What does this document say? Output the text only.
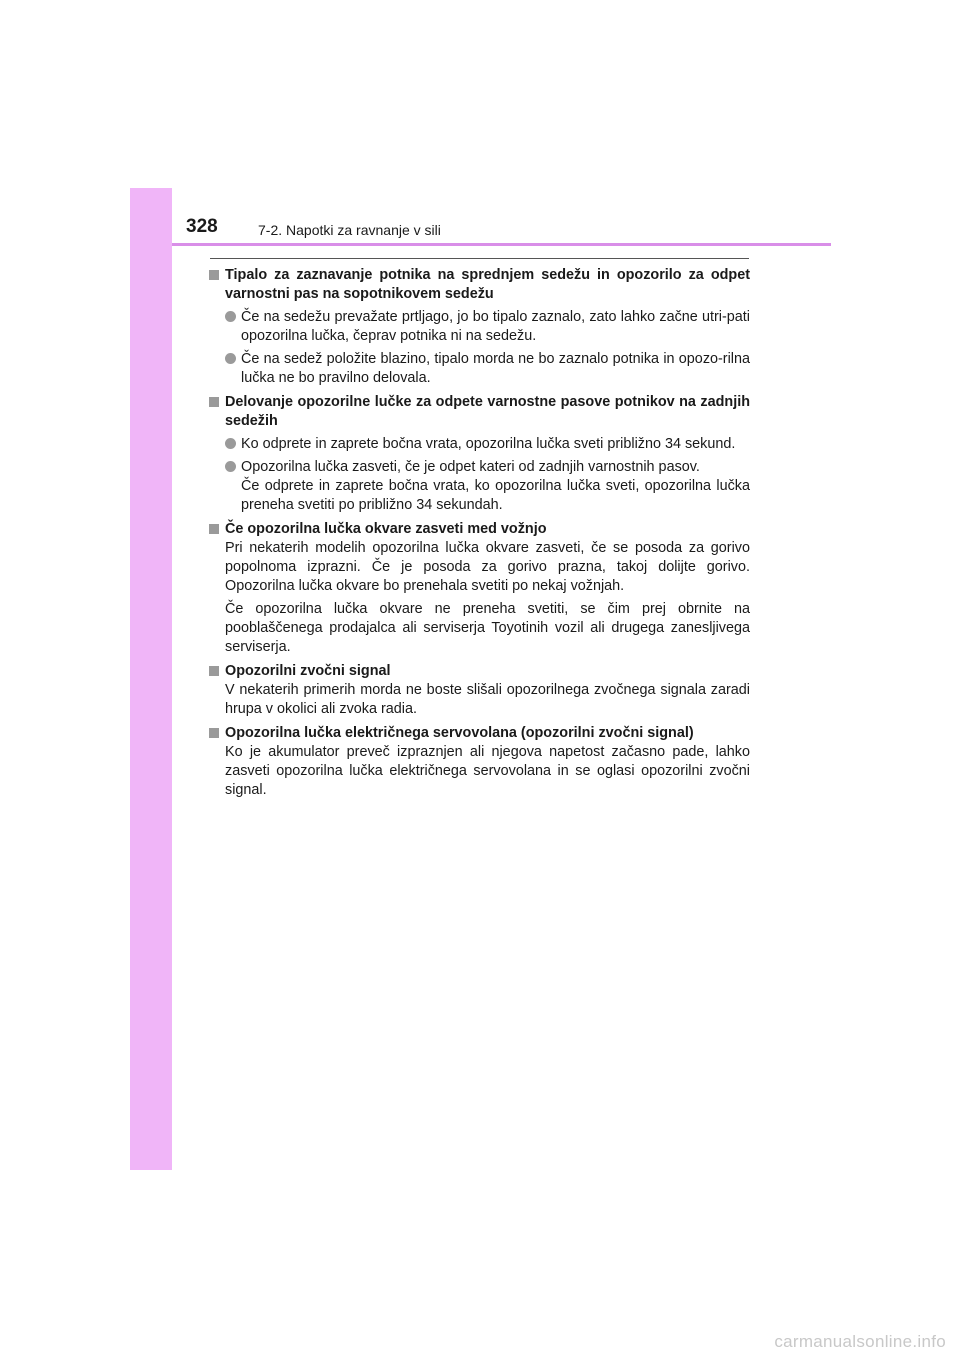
328	7-2. Napotki za ravnanje v sili
Tipalo za zaznavanje potnika na sprednjem sedežu in opozorilo za odpet varnostni pas na sopotnikovem sedežu
Če na sedežu prevažate prtljago, jo bo tipalo zaznalo, zato lahko začne utri-pati opozorilna lučka, čeprav potnika ni na sedežu.
Če na sedež položite blazino, tipalo morda ne bo zaznalo potnika in opozo-rilna lučka ne bo pravilno delovala.
Delovanje opozorilne lučke za odpete varnostne pasove potnikov na zadnjih sedežih
Ko odprete in zaprete bočna vrata, opozorilna lučka sveti približno 34 sekund.
Opozorilna lučka zasveti, če je odpet kateri od zadnjih varnostnih pasov.
Če odprete in zaprete bočna vrata, ko opozorilna lučka sveti, opozorilna lučka preneha svetiti po približno 34 sekundah.
Če opozorilna lučka okvare zasveti med vožnjo
Pri nekaterih modelih opozorilna lučka okvare zasveti, če se posoda za gorivo popolnoma izprazni. Če je posoda za gorivo prazna, takoj dolijte gorivo. Opozorilna lučka okvare bo prenehala svetiti po nekaj vožnjah.
Če opozorilna lučka okvare ne preneha svetiti, se čim prej obrnite na pooblaščenega prodajalca ali serviserja Toyotinih vozil ali drugega zanesljivega serviserja.
Opozorilni zvočni signal
V nekaterih primerih morda ne boste slišali opozorilnega zvočnega signala zaradi hrupa v okolici ali zvoka radia.
Opozorilna lučka električnega servovolana (opozorilni zvočni signal)
Ko je akumulator preveč izpraznjen ali njegova napetost začasno pade, lahko zasveti opozorilna lučka električnega servovolana in se oglasi opozorilni zvočni signal.
carmanualsonline.info
